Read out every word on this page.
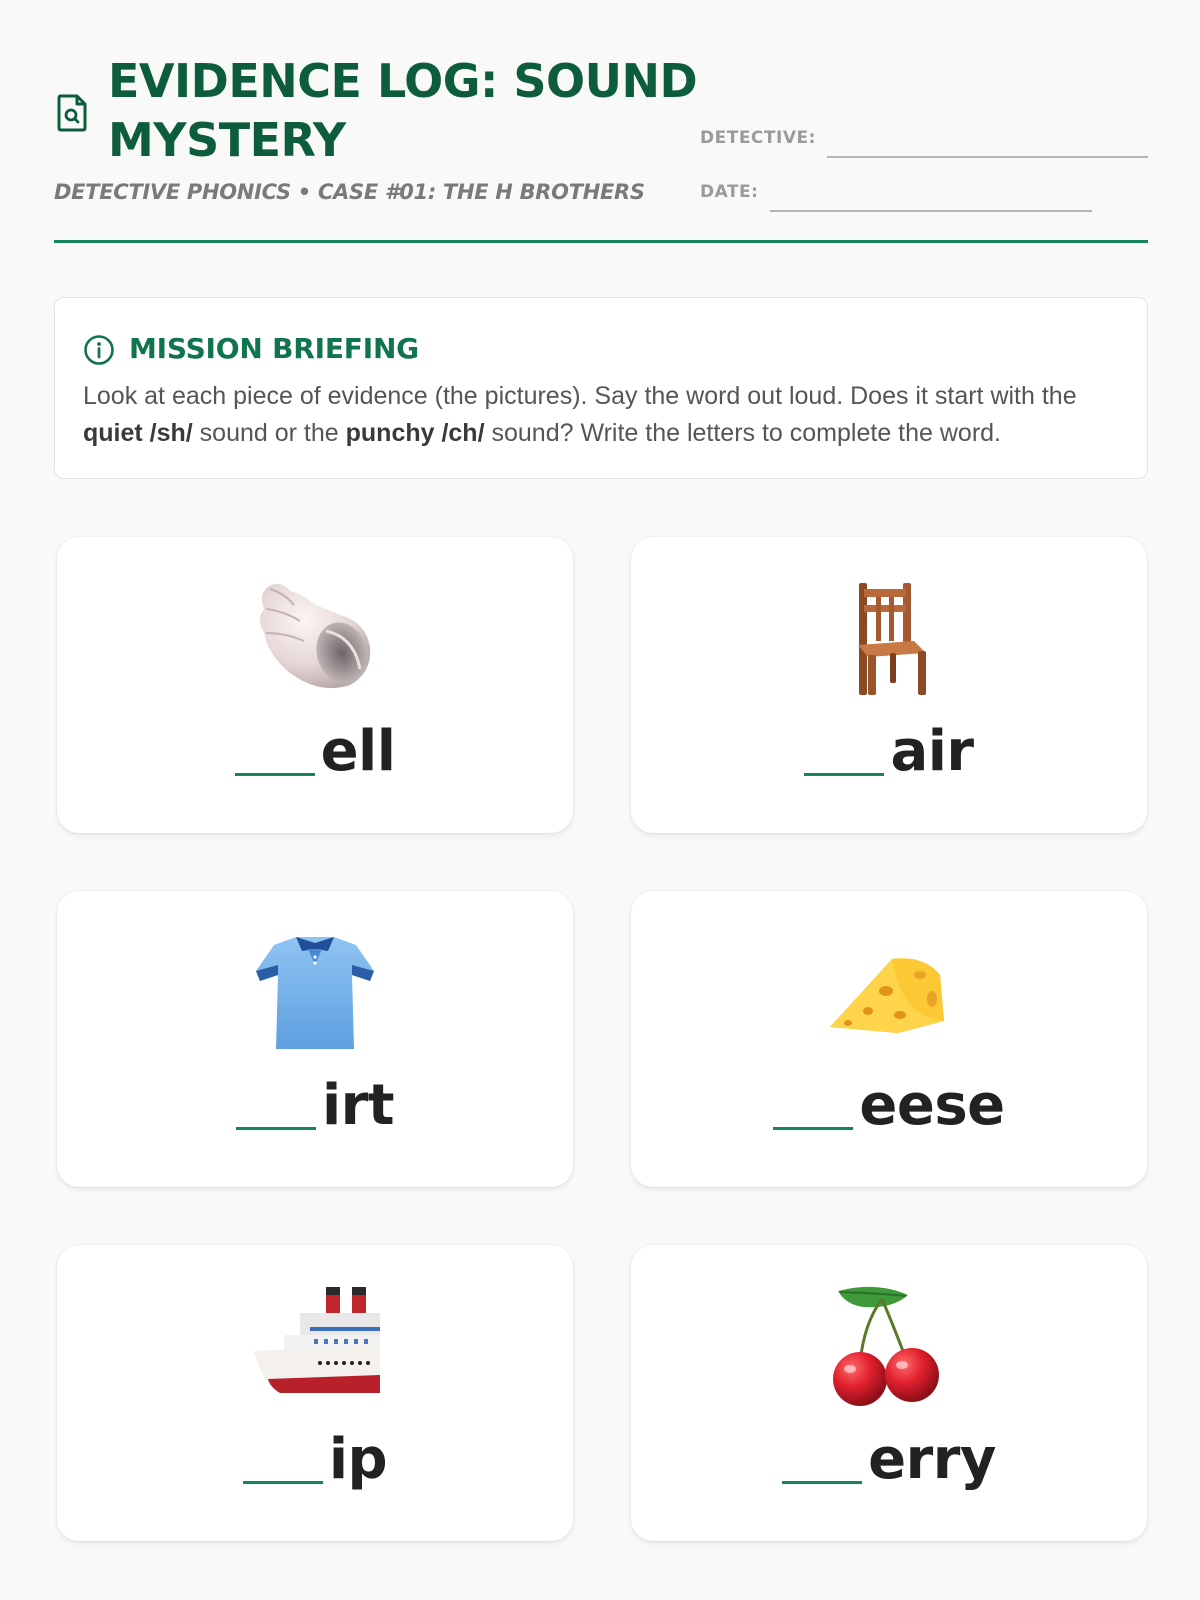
EVIDENCE LOG: SOUND MYSTERY
DETECTIVE PHONICS • CASE #01: THE H BROTHERS
DETECTIVE:
DATE:
MISSION BRIEFING
Look at each piece of evidence (the pictures). Say the word out loud. Does it start with the quiet /sh/ sound or the punchy /ch/ sound? Write the letters to complete the word.
ell	air
irt	eese
ip	erry
